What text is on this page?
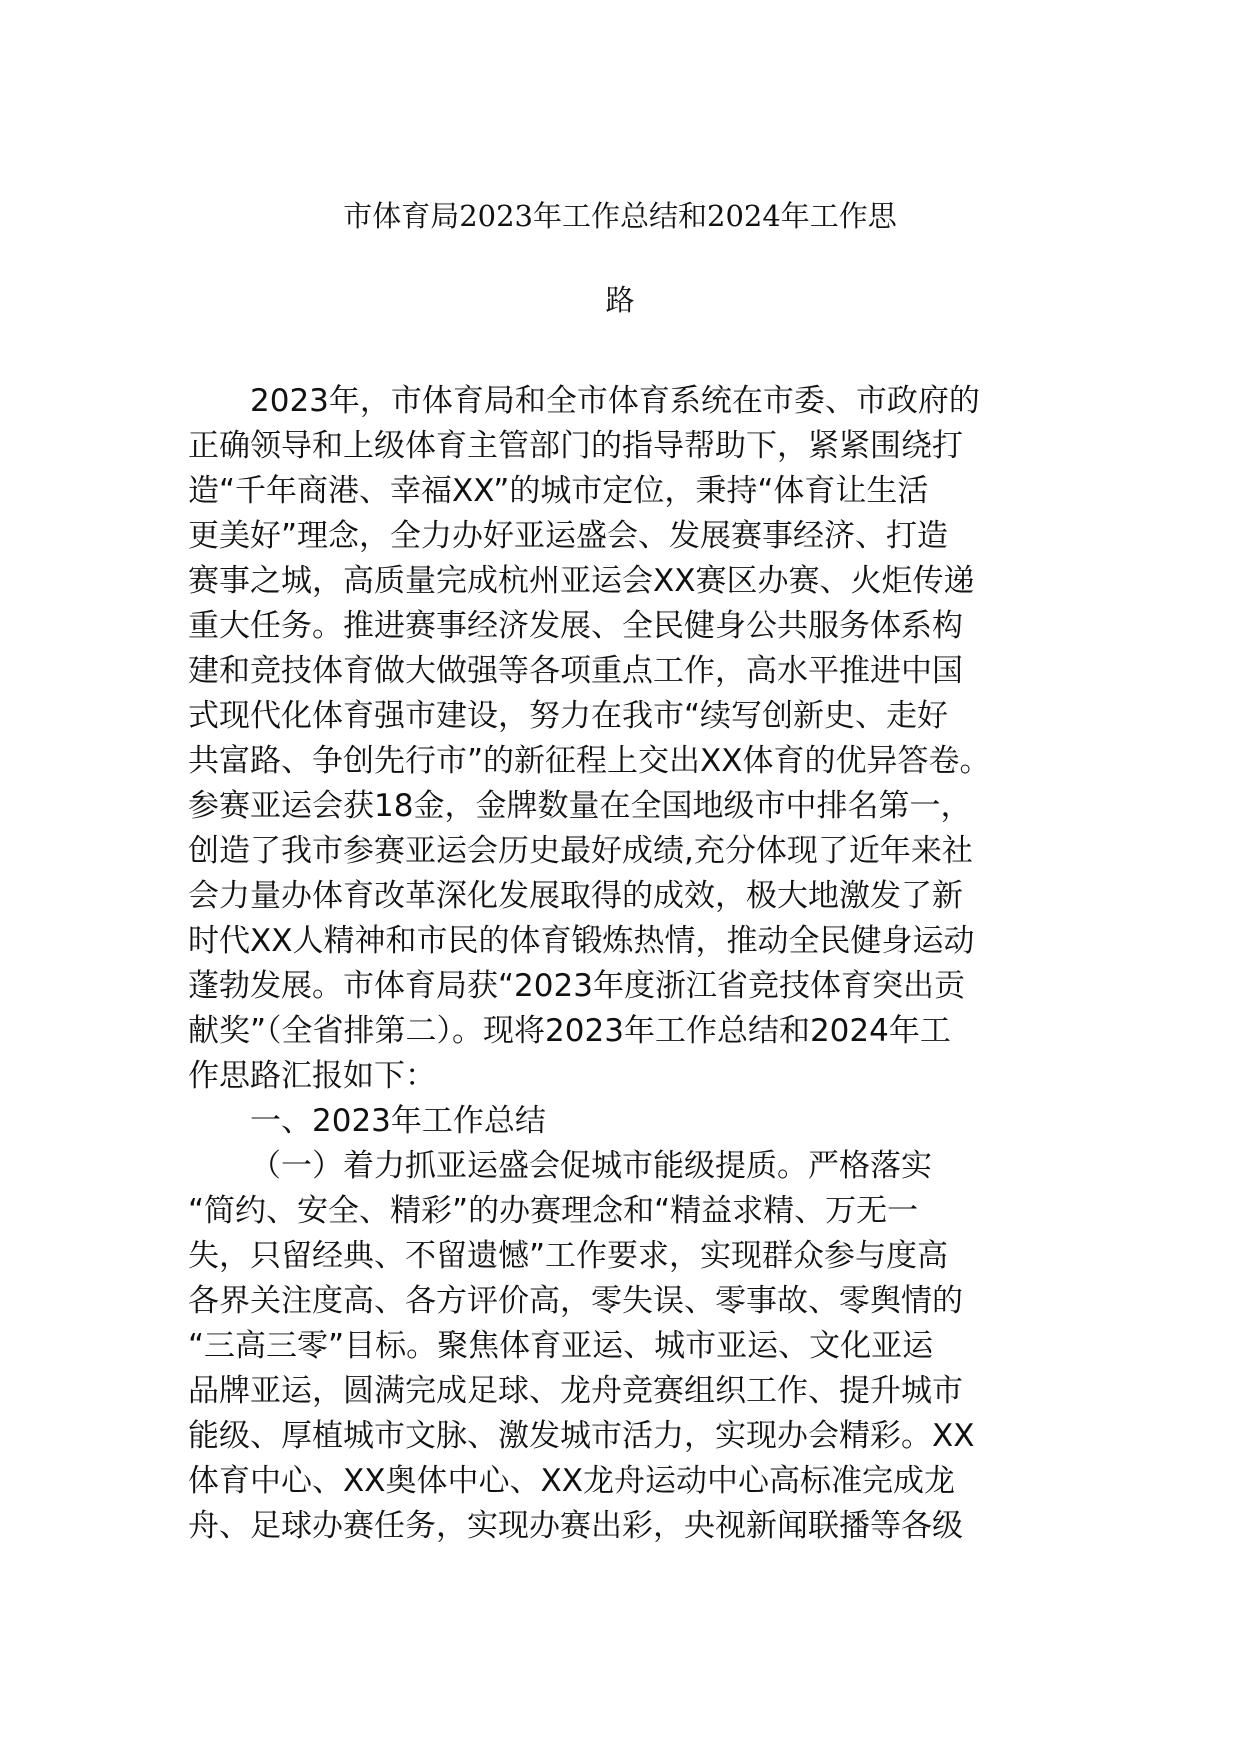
市体育局2023年工作总结和2024年工作思
路
2023年，市体育局和全市体育系统在市委、市政府的
正确领导和上级体育主管部门的指导帮助下，紧紧围绕打
造“千年商港、幸福XX”的城市定位，秉持“体育让生活
更美好”理念，全力办好亚运盛会、发展赛事经济、打造
赛事之城，高质量完成杭州亚运会XX赛区办赛、火炬传递
重大任务。推进赛事经济发展、全民健身公共服务体系构
建和竞技体育做大做强等各项重点工作，高水平推进中国
式现代化体育强市建设，努力在我市“续写创新史、走好
共富路、争创先行市”的新征程上交出XX体育的优异答卷。
参赛亚运会获18金，金牌数量在全国地级市中排名第一，
创造了我市参赛亚运会历史最好成绩,充分体现了近年来社
会力量办体育改革深化发展取得的成效，极大地激发了新
时代XX人精神和市民的体育锻炼热情，推动全民健身运动
蓬勃发展。市体育局获“2023年度浙江省竞技体育突出贡
献奖”（全省排第二）。现将2023年工作总结和2024年工
作思路汇报如下：
一、2023年工作总结
（一）着力抓亚运盛会促城市能级提质。严格落实
“简约、安全、精彩”的办赛理念和“精益求精、万无一
失，只留经典、不留遗憾”工作要求，实现群众参与度高
各界关注度高、各方评价高，零失误、零事故、零舆情的
“三高三零”目标。聚焦体育亚运、城市亚运、文化亚运
品牌亚运，圆满完成足球、龙舟竞赛组织工作、提升城市
能级、厚植城市文脉、激发城市活力，实现办会精彩。XX
体育中心、XX奥体中心、XX龙舟运动中心高标准完成龙
舟、足球办赛任务，实现办赛出彩，央视新闻联播等各级
